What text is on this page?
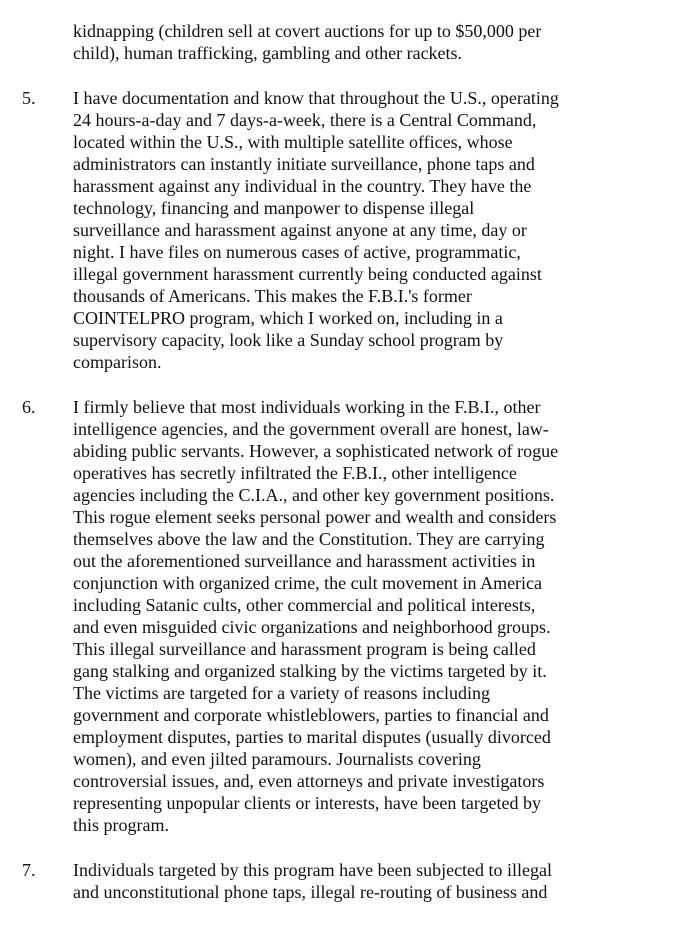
kidnapping (children sell at covert auctions for up to $50,000 per
child), human trafficking, gambling and other rackets.
5. I have documentation and know that throughout the U.S., operating
24 hours-a-day and 7 days-a-week, there is a Central Command,
located within the U.S., with multiple satellite offices, whose
administrators can instantly initiate surveillance, phone taps and
harassment against any individual in the country. They have the
technology, financing and manpower to dispense illegal
surveillance and harassment against anyone at any time, day or
night. I have files on numerous cases of active, programmatic,
illegal government harassment currently being conducted against
thousands of Americans. This makes the F.B.I.'s former
COINTELPRO program, which I worked on, including in a
supervisory capacity, look like a Sunday school program by
comparison.
6. I firmly believe that most individuals working in the F.B.I., other
intelligence agencies, and the government overall are honest, law-
abiding public servants. However, a sophisticated network of rogue
operatives has secretly infiltrated the F.B.I., other intelligence
agencies including the C.I.A., and other key government positions.
This rogue element seeks personal power and wealth and considers
themselves above the law and the Constitution. They are carrying
out the aforementioned surveillance and harassment activities in
conjunction with organized crime, the cult movement in America
including Satanic cults, other commercial and political interests,
and even misguided civic organizations and neighborhood groups.
This illegal surveillance and harassment program is being called
gang stalking and organized stalking by the victims targeted by it.
The victims are targeted for a variety of reasons including
government and corporate whistleblowers, parties to financial and
employment disputes, parties to marital disputes (usually divorced
women), and even jilted paramours. Journalists covering
controversial issues, and, even attorneys and private investigators
representing unpopular clients or interests, have been targeted by
this program.
7. Individuals targeted by this program have been subjected to illegal
and unconstitutional phone taps, illegal re-routing of business and
